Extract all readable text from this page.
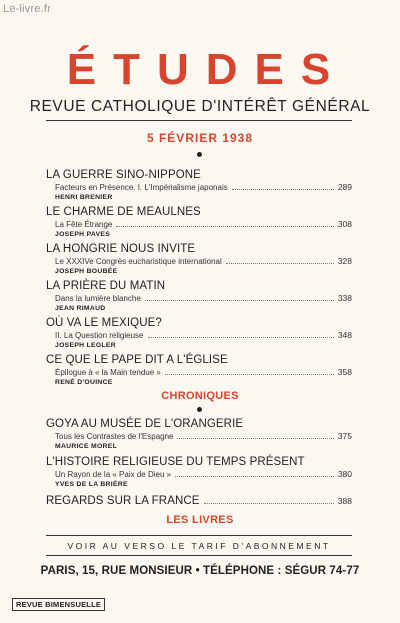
Le-livre.fr
ÉTUDES
REVUE CATHOLIQUE D'INTÉRÊT GÉNÉRAL
5 FÉVRIER 1938
LA GUERRE SINO-NIPPONE
Facteurs en Présence. I. L'Impérialisme japonais	289
HENRI BRENIER
LE CHARME DE MEAULNES
La Fête Étrange	308
JOSEPH PAVES
LA HONGRIE NOUS INVITE
Le XXXIVe Congrès eucharistique international	328
JOSEPH BOUBÉE
LA PRIÈRE DU MATIN
Dans la lumière blanche	338
JEAN RIMAUD
OÙ VA LE MEXIQUE?
II. La Question religieuse	348
JOSEPH LEGLER
CE QUE LE PAPE DIT A L'ÉGLISE
Épilogue à « la Main tendue »	358
RENÉ D'OUINCE
CHRONIQUES
GOYA AU MUSÉE DE L'ORANGERIE
Tous les Contrastes de l'Espagne	375
MAURICE MOREL
L'HISTOIRE RELIGIEUSE DU TEMPS PRÉSENT
Un Rayon de la « Paix de Dieu »	380
YVES DE LA BRIÈRE
REGARDS SUR LA FRANCE	388
LES LIVRES
VOIR AU VERSO LE TARIF D'ABONNEMENT
PARIS, 15, RUE MONSIEUR • TÉLÉPHONE : SÉGUR 74-77
REVUE BIMENSUELLE
